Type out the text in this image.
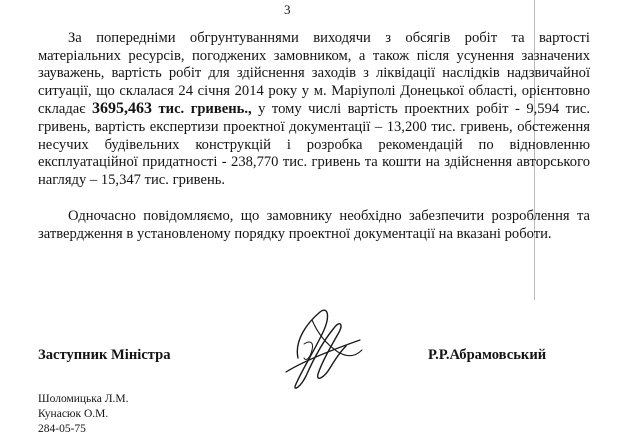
3

За попередніми обгрунтуваннями виходячи з обсягів робіт та вартості матеріальних ресурсів, погоджених замовником, а також після усунення зазначених зауважень, вартість робіт для здійснення заходів з ліквідації наслідків надзвичайної ситуації, що склалася 24 січня 2014 року у м. Маріуполі Донецької області, орієнтовно складає 3695,463 тис. гривень., у тому числі вартість проектних робіт - 9,594 тис. гривень, вартість експертизи проектної документації – 13,200 тис. гривень, обстеження несучих будівельних конструкцій і розробка рекомендацій по відновленню експлуатаційної придатності - 238,770 тис. гривень та кошти на здійснення авторського нагляду – 15,347 тис. гривень.

Одночасно повідомляємо, що замовнику необхідно забезпечити розроблення та затвердження в установленому порядку проектної документації на вказані роботи.

Заступник Міністра	Р.Р.Абрамовський
Шоломицька Л.М.
Кунасюк О.М.
284-05-75
